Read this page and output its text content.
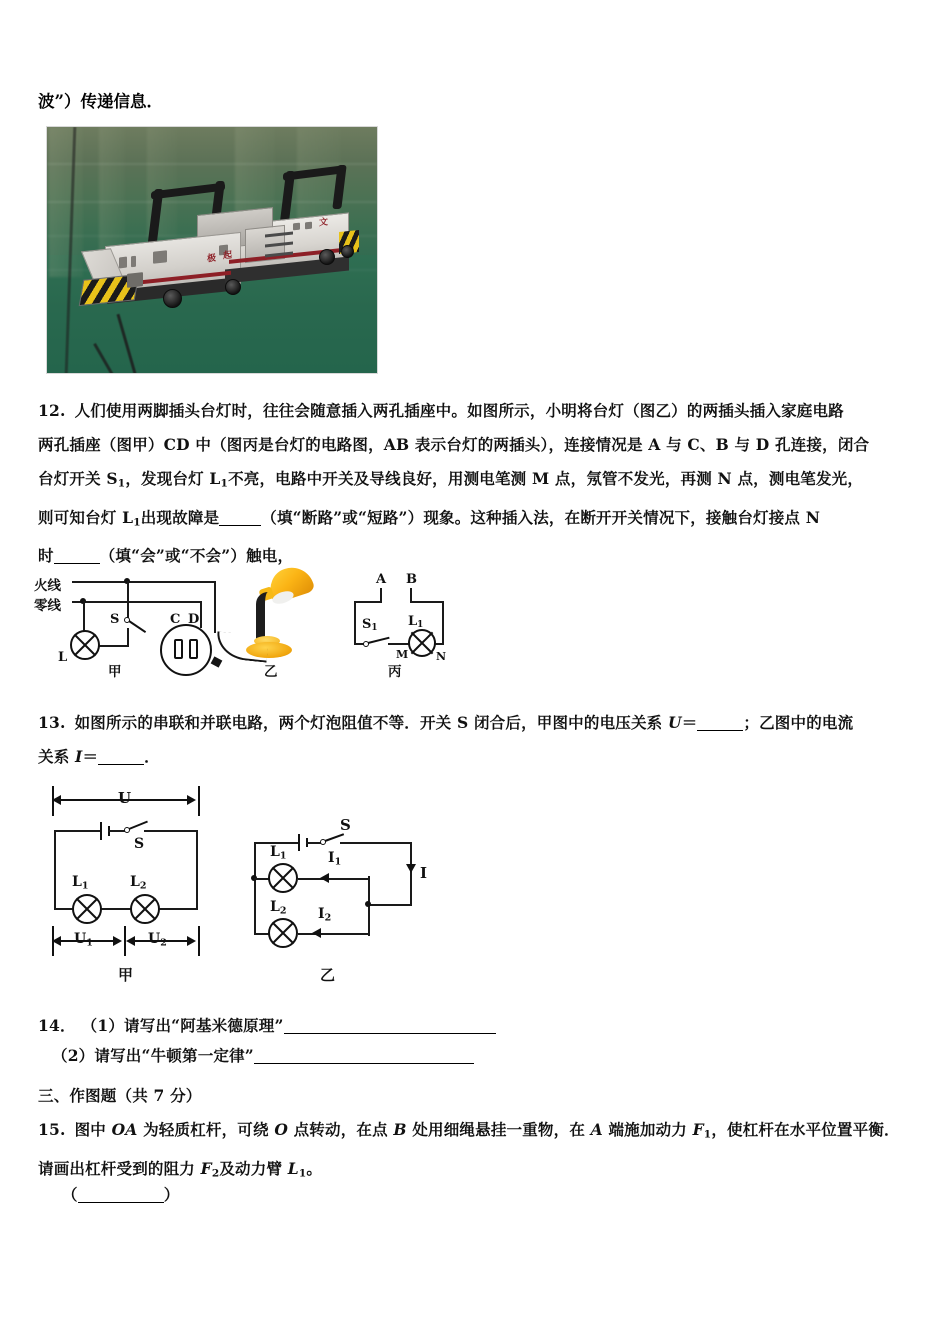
波”）传递信息．
极 起
文
12. 人们使用两脚插头台灯时，往往会随意插入两孔插座中。如图所示，小明将台灯（图乙）的两插头插入家庭电路
两孔插座（图甲）CD 中（图丙是台灯的电路图，AB 表示台灯的两插头），连接情况是 A 与 C、B 与 D 孔连接，闭合
台灯开关 $S_1$，发现台灯 $L_1$不亮，电路中开关及导线良好，用测电笔测 M 点，氖管不发光，再测 N 点，测电笔发光，
则可知台灯 $L_1$出现故障是	（填“断路”或“短路”）现象。这种插入法，在断开开关情况下，接触台灯接点 N
时	（填“会”或“不会”）触电，
火线
零线
S
L
C D
甲	乙
A B
$S_1$ $L_1$
M	N
丙
13. 如图所示的串联和并联电路，两个灯泡阻值不等．开关 S 闭合后，甲图中的电压关系 U＝	；乙图中的电流
关系 I＝	．
U
S
$L_1$	$L_2$
$U_1$	$U_2$
甲
S
I
$L_1$	$I_1$
$L_2$ $I_2$
乙
14． （1）请写出“阿基米德原理”
（2）请写出“牛顿第一定律”
三、作图题（共 7 分）
15. 图中 OA 为轻质杠杆，可绕 O 点转动，在点 B 处用细绳悬挂一重物，在 A 端施加动力 $F_1$，使杠杆在水平位置平衡．
请画出杠杆受到的阻力 $F_2$及动力臂 $L_1$。
（	）
